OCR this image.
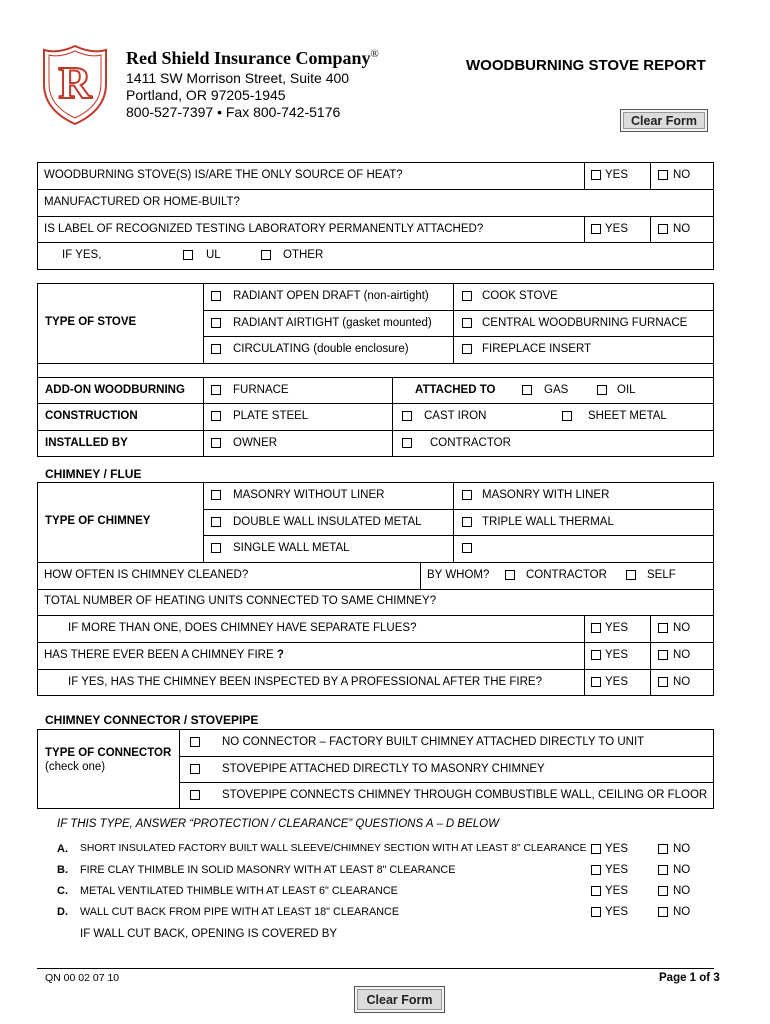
R	Red Shield Insurance Company®
1411 SW Morrison Street, Suite 400
Portland, OR 97205-1945
800-527-7397 • Fax 800-742-5176
WOODBURNING STOVE REPORT
Clear Form
WOODBURNING STOVE(S) IS/ARE THE ONLY SOURCE OF HEAT?	YES	NO
MANUFACTURED OR HOME-BUILT?
IS LABEL OF RECOGNIZED TESTING LABORATORY PERMANENTLY ATTACHED?	YES	NO
IF YES,	UL	OTHER
TYPE OF STOVE
RADIANT OPEN DRAFT (non-airtight)	COOK STOVE
RADIANT AIRTIGHT (gasket mounted)	CENTRAL WOODBURNING FURNACE
CIRCULATING (double enclosure)	FIREPLACE INSERT
ADD-ON WOODBURNING	FURNACE	ATTACHED TO	GAS	OIL
CONSTRUCTION	PLATE STEEL	CAST IRON	SHEET METAL
INSTALLED BY	OWNER	CONTRACTOR
CHIMNEY / FLUE
TYPE OF CHIMNEY
MASONRY WITHOUT LINER	MASONRY WITH LINER
DOUBLE WALL INSULATED METAL	TRIPLE WALL THERMAL
SINGLE WALL METAL
HOW OFTEN IS CHIMNEY CLEANED?	BY WHOM?	CONTRACTOR	SELF
TOTAL NUMBER OF HEATING UNITS CONNECTED TO SAME CHIMNEY?
IF MORE THAN ONE, DOES CHIMNEY HAVE SEPARATE FLUES?	YES	NO
HAS THERE EVER BEEN A CHIMNEY FIRE ?	YES	NO
IF YES, HAS THE CHIMNEY BEEN INSPECTED BY A PROFESSIONAL AFTER THE FIRE?	YES	NO
CHIMNEY CONNECTOR / STOVEPIPE
TYPE OF CONNECTOR
(check one)
NO CONNECTOR – FACTORY BUILT CHIMNEY ATTACHED DIRECTLY TO UNIT
STOVEPIPE ATTACHED DIRECTLY TO MASONRY CHIMNEY
STOVEPIPE CONNECTS CHIMNEY THROUGH COMBUSTIBLE WALL, CEILING OR FLOOR
IF THIS TYPE, ANSWER “PROTECTION / CLEARANCE” QUESTIONS A – D BELOW
A. SHORT INSULATED FACTORY BUILT WALL SLEEVE/CHIMNEY SECTION WITH AT LEAST 8" CLEARANCE YES	NO
B. FIRE CLAY THIMBLE IN SOLID MASONRY WITH AT LEAST 8" CLEARANCE	YES	NO
C. METAL VENTILATED THIMBLE WITH AT LEAST 6" CLEARANCE	YES	NO
D. WALL CUT BACK FROM PIPE WITH AT LEAST 18" CLEARANCE	YES	NO
IF WALL CUT BACK, OPENING IS COVERED BY
QN 00 02 07 10	Page 1 of 3
Clear Form
